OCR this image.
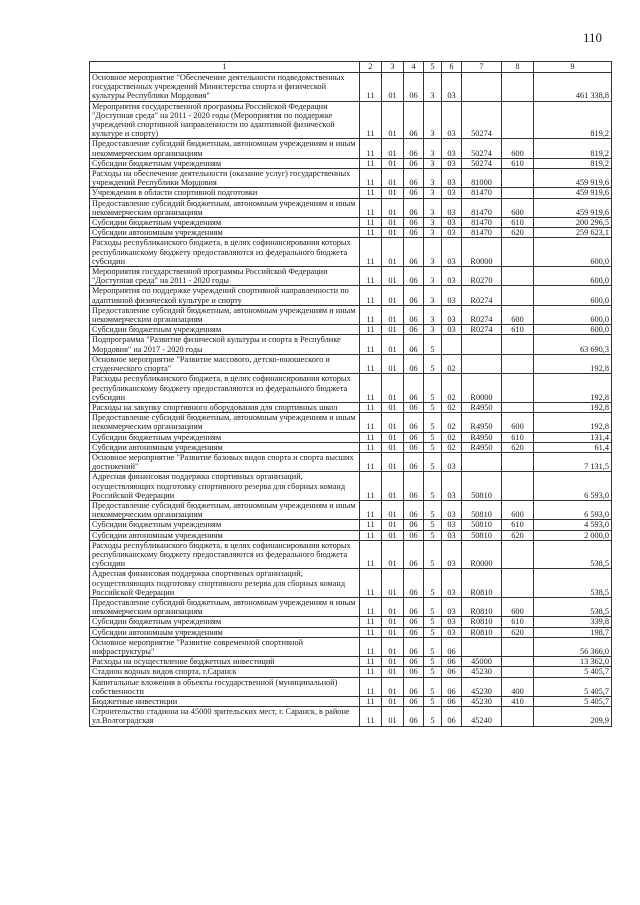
110
1	2	3	4	5	6	7	8	9
Основное мероприятие "Обеспечение деятельности подведомственных государственных учреждений Министерства спорта и физической культуры Республики Мордовия"	11	01	06	3	03			461 338,8
Мероприятия государственной программы Российской Федерации "Доступная среда" на 2011 - 2020 годы (Мероприятия по поддержке учреждений спортивной направленности по адаптивной физической культуре и спорту)	11	01	06	3	03	50274		819,2
Предоставление субсидий бюджетным, автономным учреждениям и иным некоммерческим организациям	11	01	06	3	03	50274	600	819,2
Субсидии бюджетным учреждениям	11	01	06	3	03	50274	610	819,2
Расходы на обеспечение деятельности (оказание услуг) государственных учреждений Республики Мордовия	11	01	06	3	03	81000		459 919,6
Учреждения в области спортивной подготовки	11	01	06	3	03	81470		459 919,6
Предоставление субсидий бюджетным, автономным учреждениям и иным некоммерческим организациям	11	01	06	3	03	81470	600	459 919,6
Субсидии бюджетным учреждениям	11	01	06	3	03	81470	610	200 296,5
Субсидии автономным учреждениям	11	01	06	3	03	81470	620	259 623,1
Расходы республиканского бюджета, в целях софинансирования которых республиканскому бюджету предоставляются из федерального бюджета субсидии	11	01	06	3	03	R0000		600,0
Мероприятия государственной программы Российской Федерации "Доступная среда" на 2011 - 2020 годы	11	01	06	3	03	R0270		600,0
Мероприятия по поддержке учреждений спортивной направленности по адаптивной физической культуре и спорту	11	01	06	3	03	R0274		600,0
Предоставление субсидий бюджетным, автономным учреждениям и иным некоммерческим организациям	11	01	06	3	03	R0274	600	600,0
Субсидии бюджетным учреждениям	11	01	06	3	03	R0274	610	600,0
Подпрограмма "Развитие физической культуры и спорта в Республике Мордовия" на 2017 - 2020 годы	11	01	06	5				63 690,3
Основное мероприятие "Развитие массового, детско-юношеского и студенческого спорта"	11	01	06	5	02			192,8
Расходы республиканского бюджета, в целях софинансирования которых республиканскому бюджету предоставляются из федерального бюджета субсидии	11	01	06	5	02	R0000		192,8
Расходы на закупку спортивного оборудования для спортивных школ	11	01	06	5	02	R4950		192,8
Предоставление субсидий бюджетным, автономным учреждениям и иным некоммерческим организациям	11	01	06	5	02	R4950	600	192,8
Субсидии бюджетным учреждениям	11	01	06	5	02	R4950	610	131,4
Субсидии автономным учреждениям	11	01	06	5	02	R4950	620	61,4
Основное мероприятие "Развитие базовых видов спорта и спорта высших достижений"	11	01	06	5	03			7 131,5
Адресная финансовая поддержка спортивных организаций, осуществляющих подготовку спортивного резерва для сборных команд Российской Федерации	11	01	06	5	03	50810		6 593,0
Предоставление субсидий бюджетным, автономным учреждениям и иным некоммерческим организациям	11	01	06	5	03	50810	600	6 593,0
Субсидии бюджетным учреждениям	11	01	06	5	03	50810	610	4 593,0
Субсидии автономным учреждениям	11	01	06	5	03	50810	620	2 000,0
Расходы республиканского бюджета, в целях софинансирования которых республиканскому бюджету предоставляются из федерального бюджета субсидии	11	01	06	5	03	R0000		538,5
Адресная финансовая поддержка спортивных организаций, осуществляющих подготовку спортивного резерва для сборных команд Российской Федерации	11	01	06	5	03	R0810		538,5
Предоставление субсидий бюджетным, автономным учреждениям и иным некоммерческим организациям	11	01	06	5	03	R0810	600	538,5
Субсидии бюджетным учреждениям	11	01	06	5	03	R0810	610	339,8
Субсидии автономным учреждениям	11	01	06	5	03	R0810	620	198,7
Основное мероприятие "Развитие современной спортивной инфраструктуры"	11	01	06	5	06			56 366,0
Расходы на осуществление бюджетных инвестиций	11	01	06	5	06	45000		13 362,0
Стадион водных видов спорта, г.Саранск	11	01	06	5	06	45230		5 405,7
Капитальные вложения в объекты государственной (муниципальной) собственности	11	01	06	5	06	45230	400	5 405,7
Бюджетные инвестиции	11	01	06	5	06	45230	410	5 405,7
Строительство стадиона на 45000 зрительских мест, г. Саранск, в районе ул.Волгоградская	11	01	06	5	06	45240		209,9
